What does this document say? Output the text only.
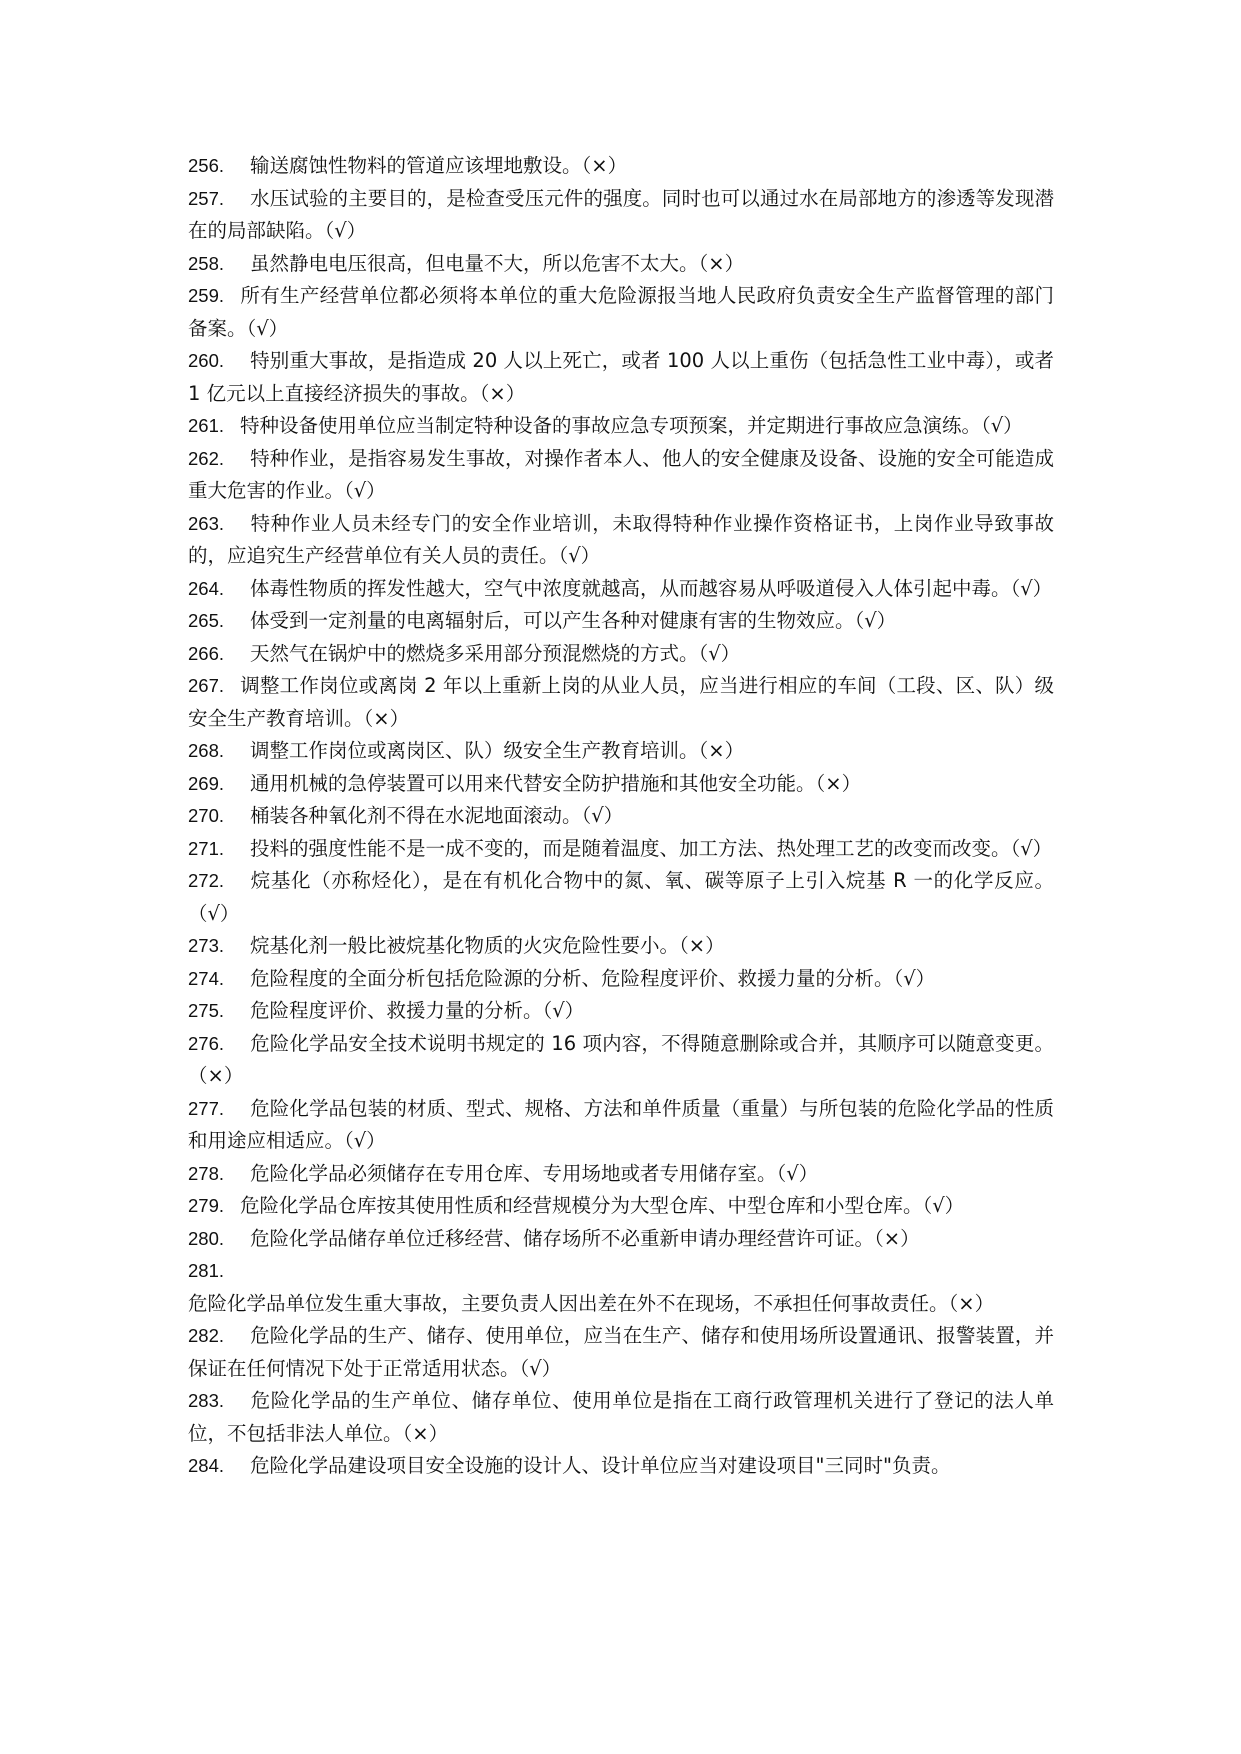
256. 输送腐蚀性物料的管道应该埋地敷设。（×）

257. 水压试验的主要目的，是检查受压元件的强度。同时也可以通过水在局部地方的渗透等发现潜在的局部缺陷。（√）

258. 虽然静电电压很高，但电量不大，所以危害不太大。（×）

259. 所有生产经营单位都必须将本单位的重大危险源报当地人民政府负责安全生产监督管理的部门备案。（√）

260. 特别重大事故，是指造成 20 人以上死亡，或者 100 人以上重伤（包括急性工业中毒），或者 1 亿元以上直接经济损失的事故。（×）

261. 特种设备使用单位应当制定特种设备的事故应急专项预案，并定期进行事故应急演练。（√）

262. 特种作业，是指容易发生事故，对操作者本人、他人的安全健康及设备、设施的安全可能造成重大危害的作业。（√）

263. 特种作业人员未经专门的安全作业培训，未取得特种作业操作资格证书，上岗作业导致事故的，应追究生产经营单位有关人员的责任。（√）

264. 体毒性物质的挥发性越大，空气中浓度就越高，从而越容易从呼吸道侵入人体引起中毒。（√）

265. 体受到一定剂量的电离辐射后，可以产生各种对健康有害的生物效应。（√）

266. 天然气在锅炉中的燃烧多采用部分预混燃烧的方式。（√）

267. 调整工作岗位或离岗 2 年以上重新上岗的从业人员，应当进行相应的车间（工段、区、队）级安全生产教育培训。（×）

268. 调整工作岗位或离岗区、队）级安全生产教育培训。（×）

269. 通用机械的急停装置可以用来代替安全防护措施和其他安全功能。（×）

270. 桶装各种氧化剂不得在水泥地面滚动。（√）

271. 投料的强度性能不是一成不变的，而是随着温度、加工方法、热处理工艺的改变而改变。（√）

272. 烷基化（亦称烃化），是在有机化合物中的氮、氧、碳等原子上引入烷基 R 一的化学反应。（√）

273. 烷基化剂一般比被烷基化物质的火灾危险性要小。（×）

274. 危险程度的全面分析包括危险源的分析、危险程度评价、救援力量的分析。（√）

275. 危险程度评价、救援力量的分析。（√）

276. 危险化学品安全技术说明书规定的 16 项内容，不得随意删除或合并，其顺序可以随意变更。（×）

277. 危险化学品包装的材质、型式、规格、方法和单件质量（重量）与所包装的危险化学品的性质和用途应相适应。（√）

278. 危险化学品必须储存在专用仓库、专用场地或者专用储存室。（√）

279. 危险化学品仓库按其使用性质和经营规模分为大型仓库、中型仓库和小型仓库。（√）

280. 危险化学品储存单位迁移经营、储存场所不必重新申请办理经营许可证。（×）

281.危险化学品单位发生重大事故，主要负责人因出差在外不在现场，不承担任何事故责任。（×）

282. 危险化学品的生产、储存、使用单位，应当在生产、储存和使用场所设置通讯、报警装置，并保证在任何情况下处于正常适用状态。（√）

283. 危险化学品的生产单位、储存单位、使用单位是指在工商行政管理机关进行了登记的法人单位，不包括非法人单位。（×）

284. 危险化学品建设项目安全设施的设计人、设计单位应当对建设项目"三同时"负责。
